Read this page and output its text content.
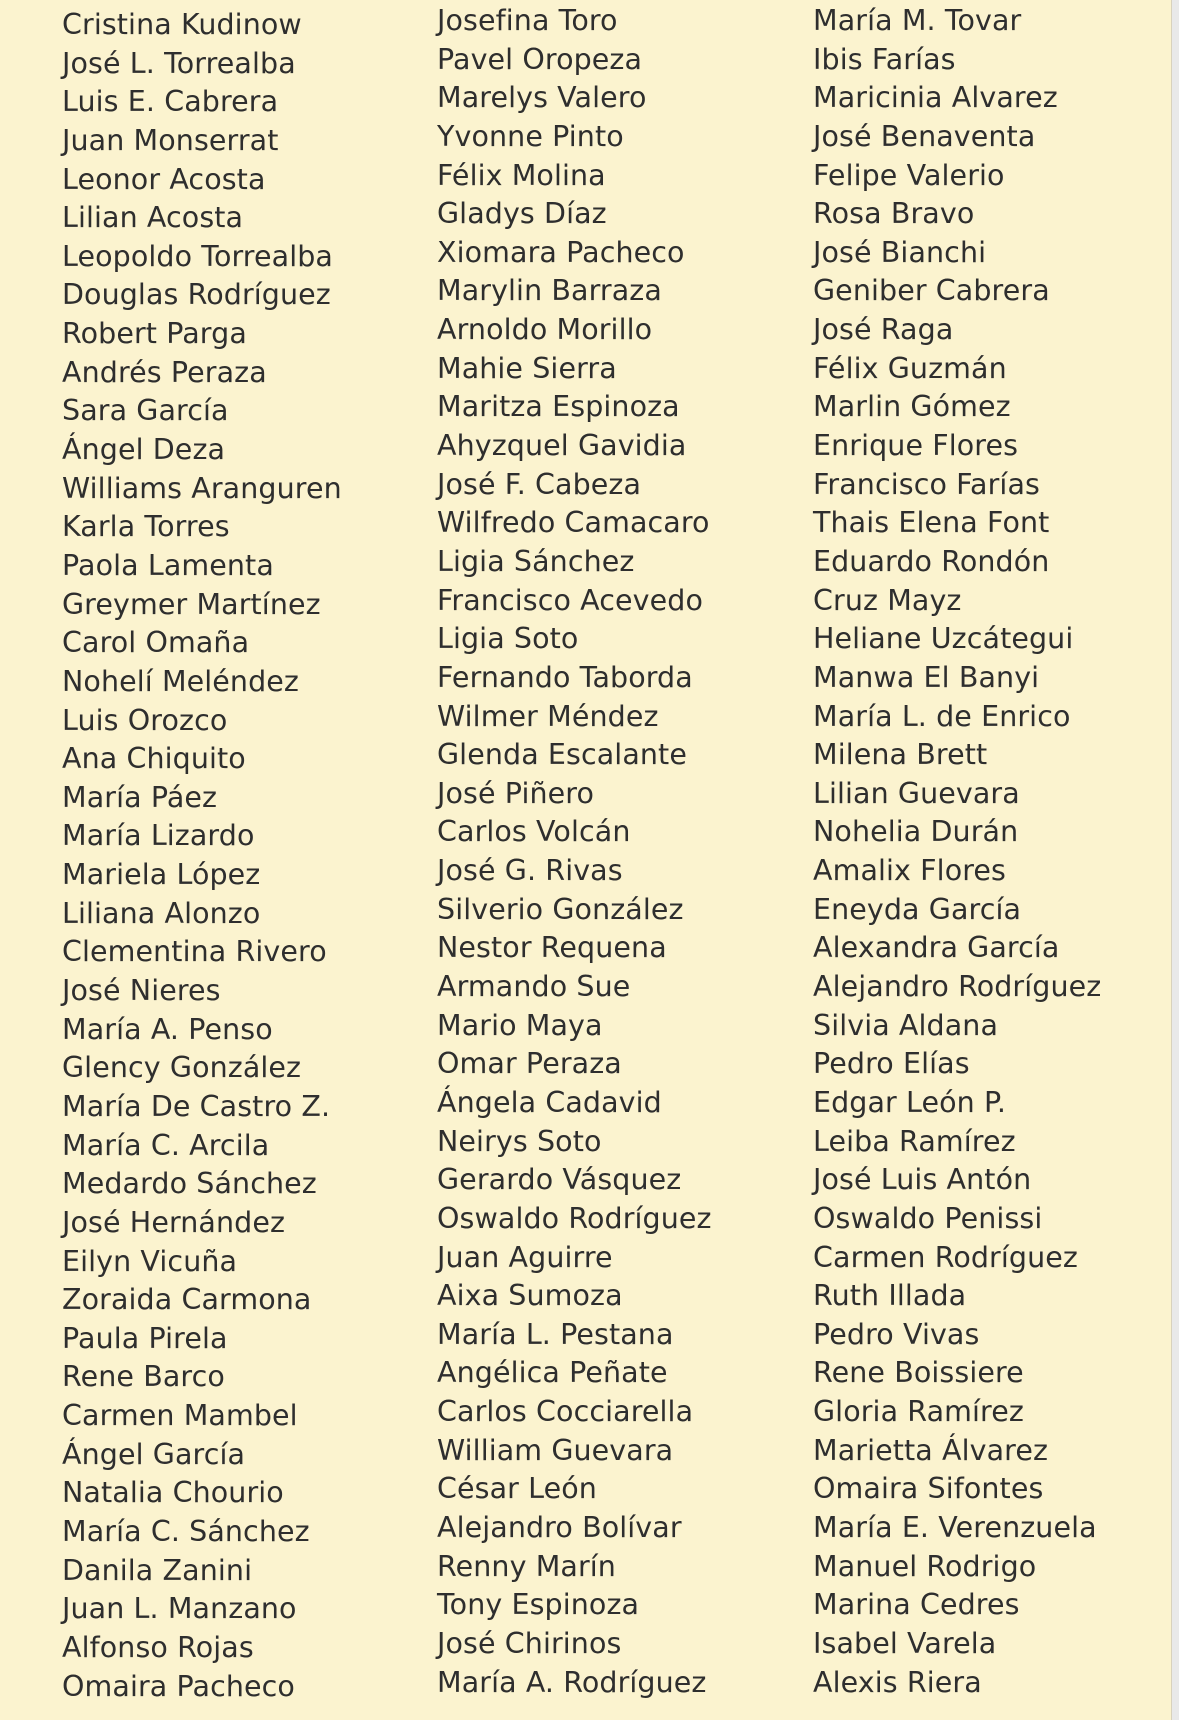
Cristina Kudinow
José L. Torrealba
Luis E. Cabrera
Juan Monserrat
Leonor Acosta
Lilian Acosta
Leopoldo Torrealba
Douglas Rodríguez
Robert Parga
Andrés Peraza
Sara García
Ángel Deza
Williams Aranguren
Karla Torres
Paola Lamenta
Greymer Martínez
Carol Omaña
Nohelí Meléndez
Luis Orozco
Ana Chiquito
María Páez
María Lizardo
Mariela López
Liliana Alonzo
Clementina Rivero
José Nieres
María A. Penso
Glency González
María De Castro Z.
María C. Arcila
Medardo Sánchez
José Hernández
Eilyn Vicuña
Zoraida Carmona
Paula Pirela
Rene Barco
Carmen Mambel
Ángel García
Natalia Chourio
María C. Sánchez
Danila Zanini
Juan L. Manzano
Alfonso Rojas
Omaira Pacheco
Josefina Toro
Pavel Oropeza
Marelys Valero
Yvonne Pinto
Félix Molina
Gladys Díaz
Xiomara Pacheco
Marylin Barraza
Arnoldo Morillo
Mahie Sierra
Maritza Espinoza
Ahyzquel Gavidia
José F. Cabeza
Wilfredo Camacaro
Ligia Sánchez
Francisco Acevedo
Ligia Soto
Fernando Taborda
Wilmer Méndez
Glenda Escalante
José Piñero
Carlos Volcán
José G. Rivas
Silverio González
Nestor Requena
Armando Sue
Mario Maya
Omar Peraza
Ángela Cadavid
Neirys Soto
Gerardo Vásquez
Oswaldo Rodríguez
Juan Aguirre
Aixa Sumoza
María L. Pestana
Angélica Peñate
Carlos Cocciarella
William Guevara
César León
Alejandro Bolívar
Renny Marín
Tony Espinoza
José Chirinos
María A. Rodríguez
María M. Tovar
Ibis Farías
Maricinia Alvarez
José Benaventa
Felipe Valerio
Rosa Bravo
José Bianchi
Geniber Cabrera
José Raga
Félix Guzmán
Marlin Gómez
Enrique Flores
Francisco Farías
Thais Elena Font
Eduardo Rondón
Cruz Mayz
Heliane Uzcátegui
Manwa El Banyi
María L. de Enrico
Milena Brett
Lilian Guevara
Nohelia Durán
Amalix Flores
Eneyda García
Alexandra García
Alejandro Rodríguez
Silvia Aldana
Pedro Elías
Edgar León P.
Leiba Ramírez
José Luis Antón
Oswaldo Penissi
Carmen Rodríguez
Ruth Illada
Pedro Vivas
Rene Boissiere
Gloria Ramírez
Marietta Álvarez
Omaira Sifontes
María E. Verenzuela
Manuel Rodrigo
Marina Cedres
Isabel Varela
Alexis Riera
